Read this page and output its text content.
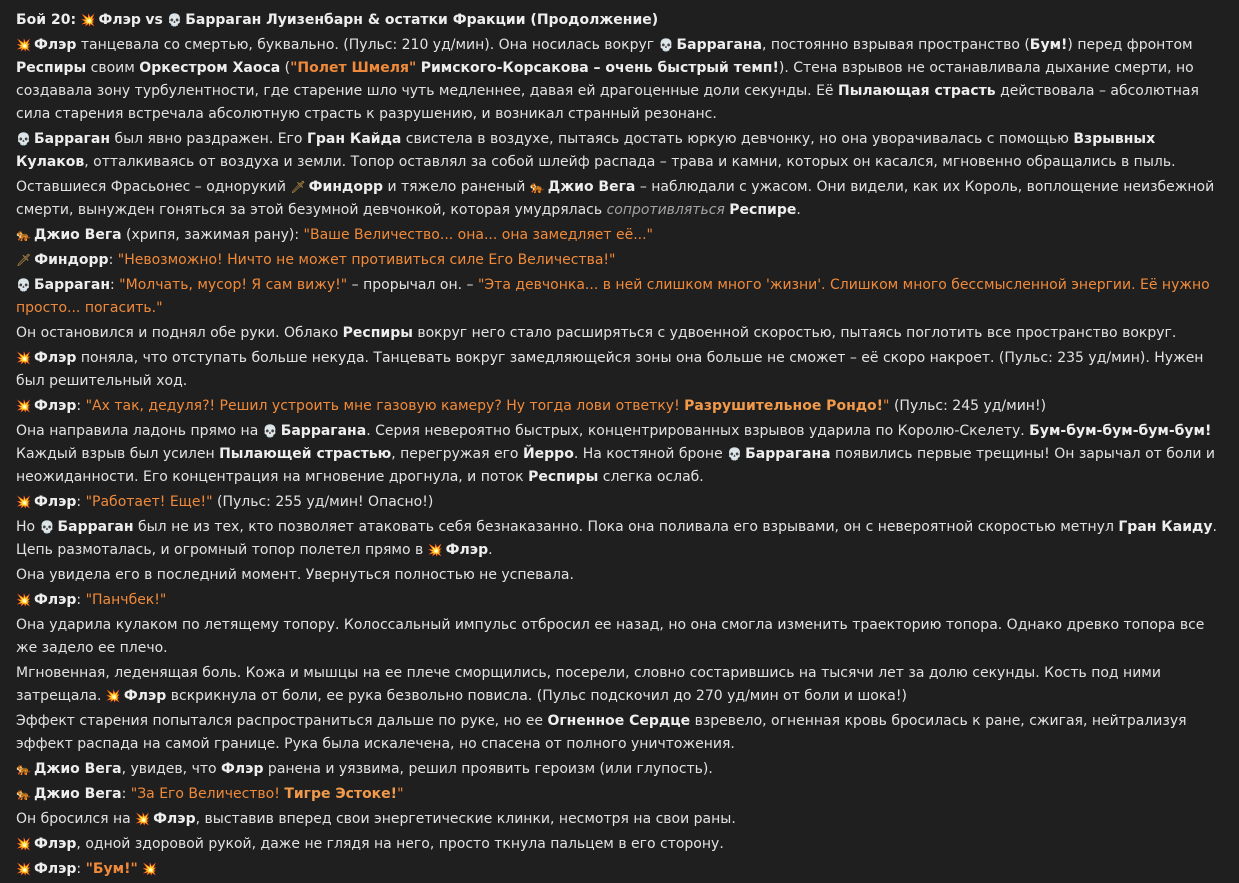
Бой 20: 💥 Флэр vs 💀 Барраган Луизенбарн & остатки Фракции (Продолжение)
💥 Флэр танцевала со смертью, буквально. (Пульс: 210 уд/мин). Она носилась вокруг 💀 Баррагана, постоянно взрывая пространство (Бум!) перед фронтом Респиры своим Оркестром Хаоса ("Полет Шмеля" Римского-Корсакова – очень быстрый темп!). Стена взрывов не останавливала дыхание смерти, но создавала зону турбулентности, где старение шло чуть медленнее, давая ей драгоценные доли секунды. Её Пылающая страсть действовала – абсолютная сила старения встречала абсолютную страсть к разрушению, и возникал странный резонанс.
💀 Барраган был явно раздражен. Его Гран Кайда свистела в воздухе, пытаясь достать юркую девчонку, но она уворачивалась с помощью Взрывных Кулаков, отталкиваясь от воздуха и земли. Топор оставлял за собой шлейф распада – трава и камни, которых он касался, мгновенно обращались в пыль.
Оставшиеся Фрасьонес – однорукий 🗡 Финдорр и тяжело раненый 🐅 Джио Вега – наблюдали с ужасом. Они видели, как их Король, воплощение неизбежной смерти, вынужден гоняться за этой безумной девчонкой, которая умудрялась сопротивляться Респире.
🐅 Джио Вега (хрипя, зажимая рану): "Ваше Величество... она... она замедляет её..."
🗡 Финдорр: "Невозможно! Ничто не может противиться силе Его Величества!"
💀 Барраган: "Молчать, мусор! Я сам вижу!" – прорычал он. – "Эта девчонка... в ней слишком много 'жизни'. Слишком много бессмысленной энергии. Её нужно просто... погасить."
Он остановился и поднял обе руки. Облако Респиры вокруг него стало расширяться с удвоенной скоростью, пытаясь поглотить все пространство вокруг.
💥 Флэр поняла, что отступать больше некуда. Танцевать вокруг замедляющейся зоны она больше не сможет – её скоро накроет. (Пульс: 235 уд/мин). Нужен был решительный ход.
💥 Флэр: "Ах так, дедуля?! Решил устроить мне газовую камеру? Ну тогда лови ответку! Разрушительное Рондо!" (Пульс: 245 уд/мин!)
Она направила ладонь прямо на 💀 Баррагана. Серия невероятно быстрых, концентрированных взрывов ударила по Королю-Скелету. Бум-бум-бум-бум-бум! Каждый взрыв был усилен Пылающей страстью, перегружая его Йерро. На костяной броне 💀 Баррагана появились первые трещины! Он зарычал от боли и неожиданности. Его концентрация на мгновение дрогнула, и поток Респиры слегка ослаб.
💥 Флэр: "Работает! Еще!" (Пульс: 255 уд/мин! Опасно!)
Но 💀 Барраган был не из тех, кто позволяет атаковать себя безнаказанно. Пока она поливала его взрывами, он с невероятной скоростью метнул Гран Каиду. Цепь размоталась, и огромный топор полетел прямо в 💥 Флэр.
Она увидела его в последний момент. Увернуться полностью не успевала.
💥 Флэр: "Панчбек!"
Она ударила кулаком по летящему топору. Колоссальный импульс отбросил ее назад, но она смогла изменить траекторию топора. Однако древко топора все же задело ее плечо.
Мгновенная, леденящая боль. Кожа и мышцы на ее плече сморщились, посерели, словно состарившись на тысячи лет за долю секунды. Кость под ними затрещала. 💥 Флэр вскрикнула от боли, ее рука безвольно повисла. (Пульс подскочил до 270 уд/мин от боли и шока!)
Эффект старения попытался распространиться дальше по руке, но ее Огненное Сердце взревело, огненная кровь бросилась к ране, сжигая, нейтрализуя эффект распада на самой границе. Рука была искалечена, но спасена от полного уничтожения.
🐅 Джио Вега, увидев, что Флэр ранена и уязвима, решил проявить героизм (или глупость).
🐅 Джио Вега: "За Его Величество! Тигре Эстоке!"
Он бросился на 💥 Флэр, выставив вперед свои энергетические клинки, несмотря на свои раны.
💥 Флэр, одной здоровой рукой, даже не глядя на него, просто ткнула пальцем в его сторону.
💥 Флэр: "Бум!" 💥
